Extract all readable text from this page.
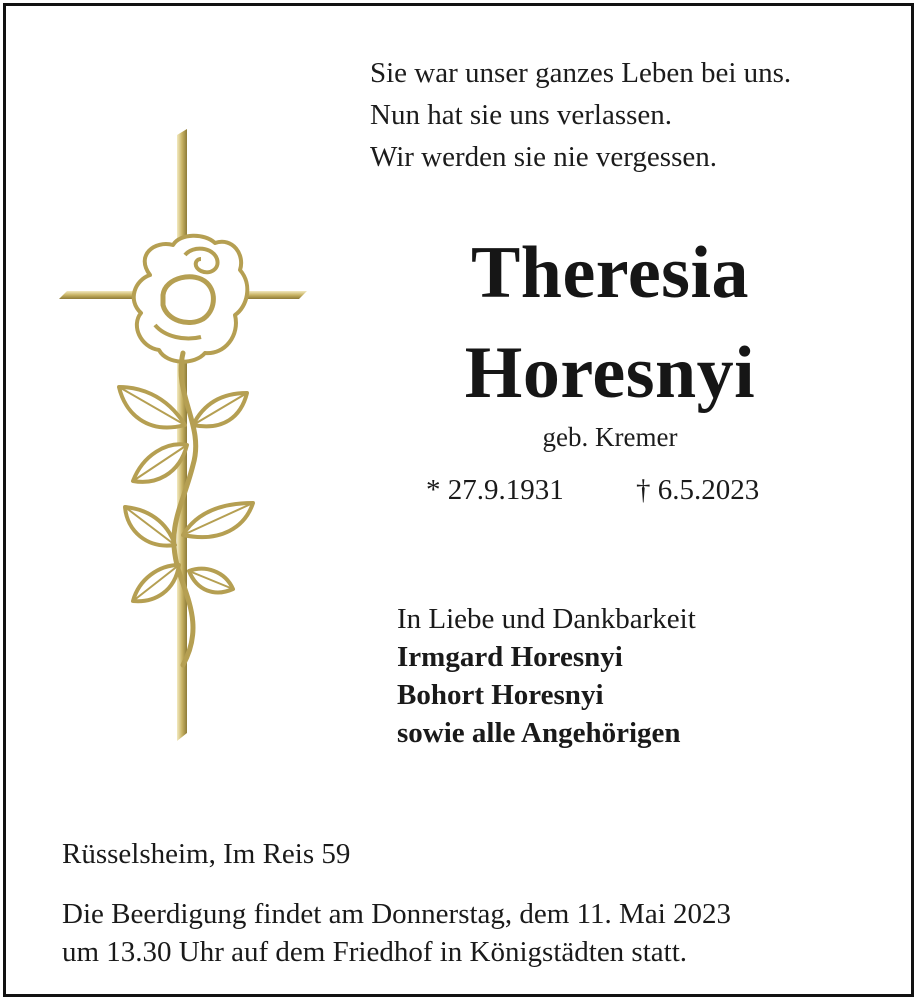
Sie war unser ganzes Leben bei uns.
Nun hat sie uns verlassen.
Wir werden sie nie vergessen.
Theresia
Horesnyi
geb. Kremer
* 27.9.1931 † 6.5.2023
In Liebe und Dankbarkeit
Irmgard Horesnyi
Bohort Horesnyi
sowie alle Angehörigen
Rüsselsheim, Im Reis 59
Die Beerdigung findet am Donnerstag, dem 11. Mai 2023
um 13.30 Uhr auf dem Friedhof in Königstädten statt.
